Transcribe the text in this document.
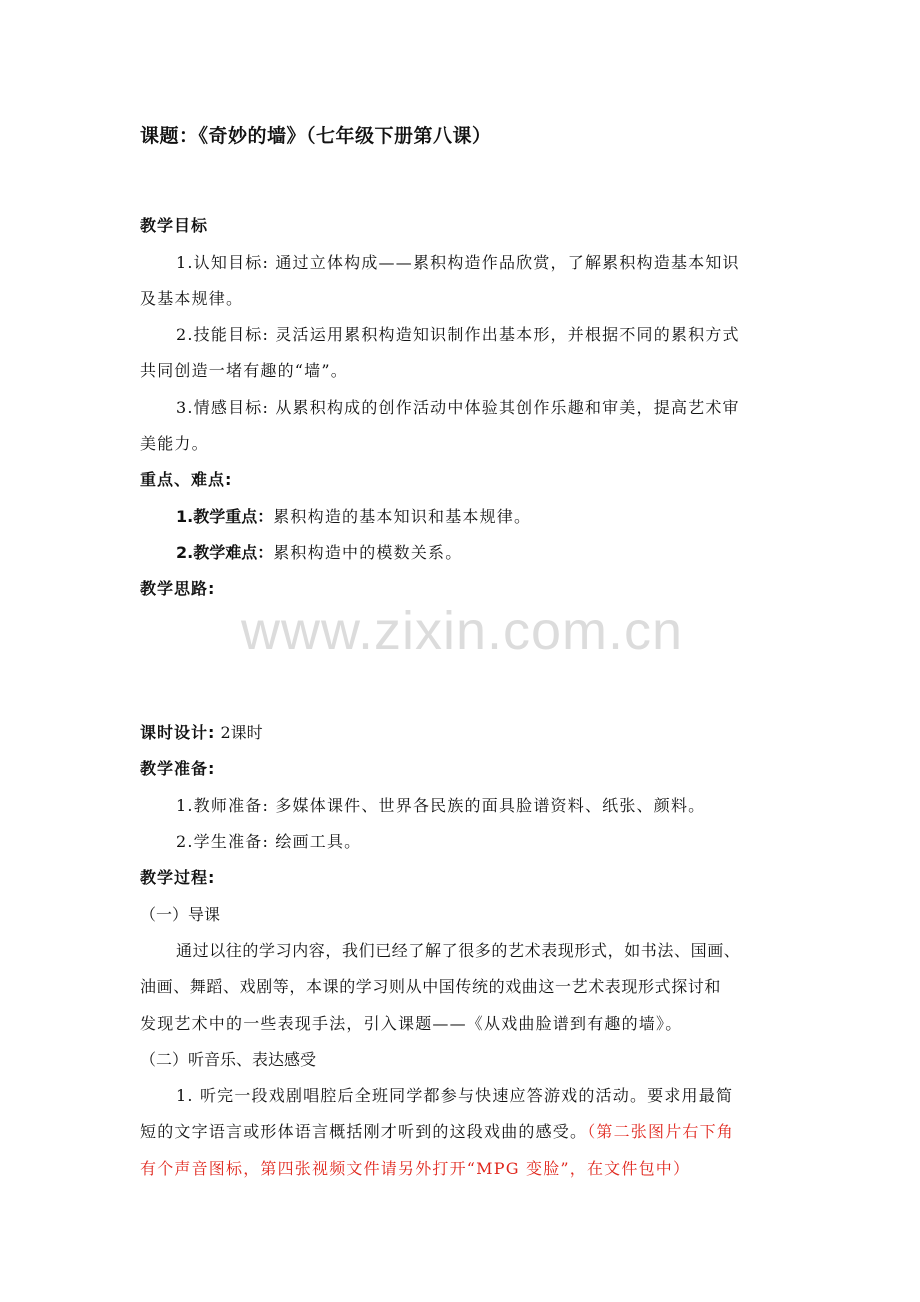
www.zixin.com.cn
课题：《奇妙的墙》（七年级下册第八课）
教学目标
1.认知目标: 通过立体构成——累积构造作品欣赏，了解累积构造基本知识
及基本规律。
2.技能目标: 灵活运用累积构造知识制作出基本形，并根据不同的累积方式
共同创造一堵有趣的“墙”。
3.情感目标: 从累积构成的创作活动中体验其创作乐趣和审美，提高艺术审
美能力。
重点、难点:
1.教学重点：累积构造的基本知识和基本规律。
2.教学难点：累积构造中的模数关系。
教学思路:
课时设计: 2课时
教学准备:
1.教师准备: 多媒体课件、世界各民族的面具脸谱资料、纸张、颜料。
2.学生准备: 绘画工具。
教学过程:
（一）导课
通过以往的学习内容，我们已经了解了很多的艺术表现形式，如书法、国画、
油画、舞蹈、戏剧等，本课的学习则从中国传统的戏曲这一艺术表现形式探讨和
发现艺术中的一些表现手法，引入课题——《从戏曲脸谱到有趣的墙》。
（二）听音乐、表达感受
1. 听完一段戏剧唱腔后全班同学都参与快速应答游戏的活动。要求用最简
短的文字语言或形体语言概括刚才听到的这段戏曲的感受。（第二张图片右下角
有个声音图标，第四张视频文件请另外打开“MPG 变脸”，在文件包中）
